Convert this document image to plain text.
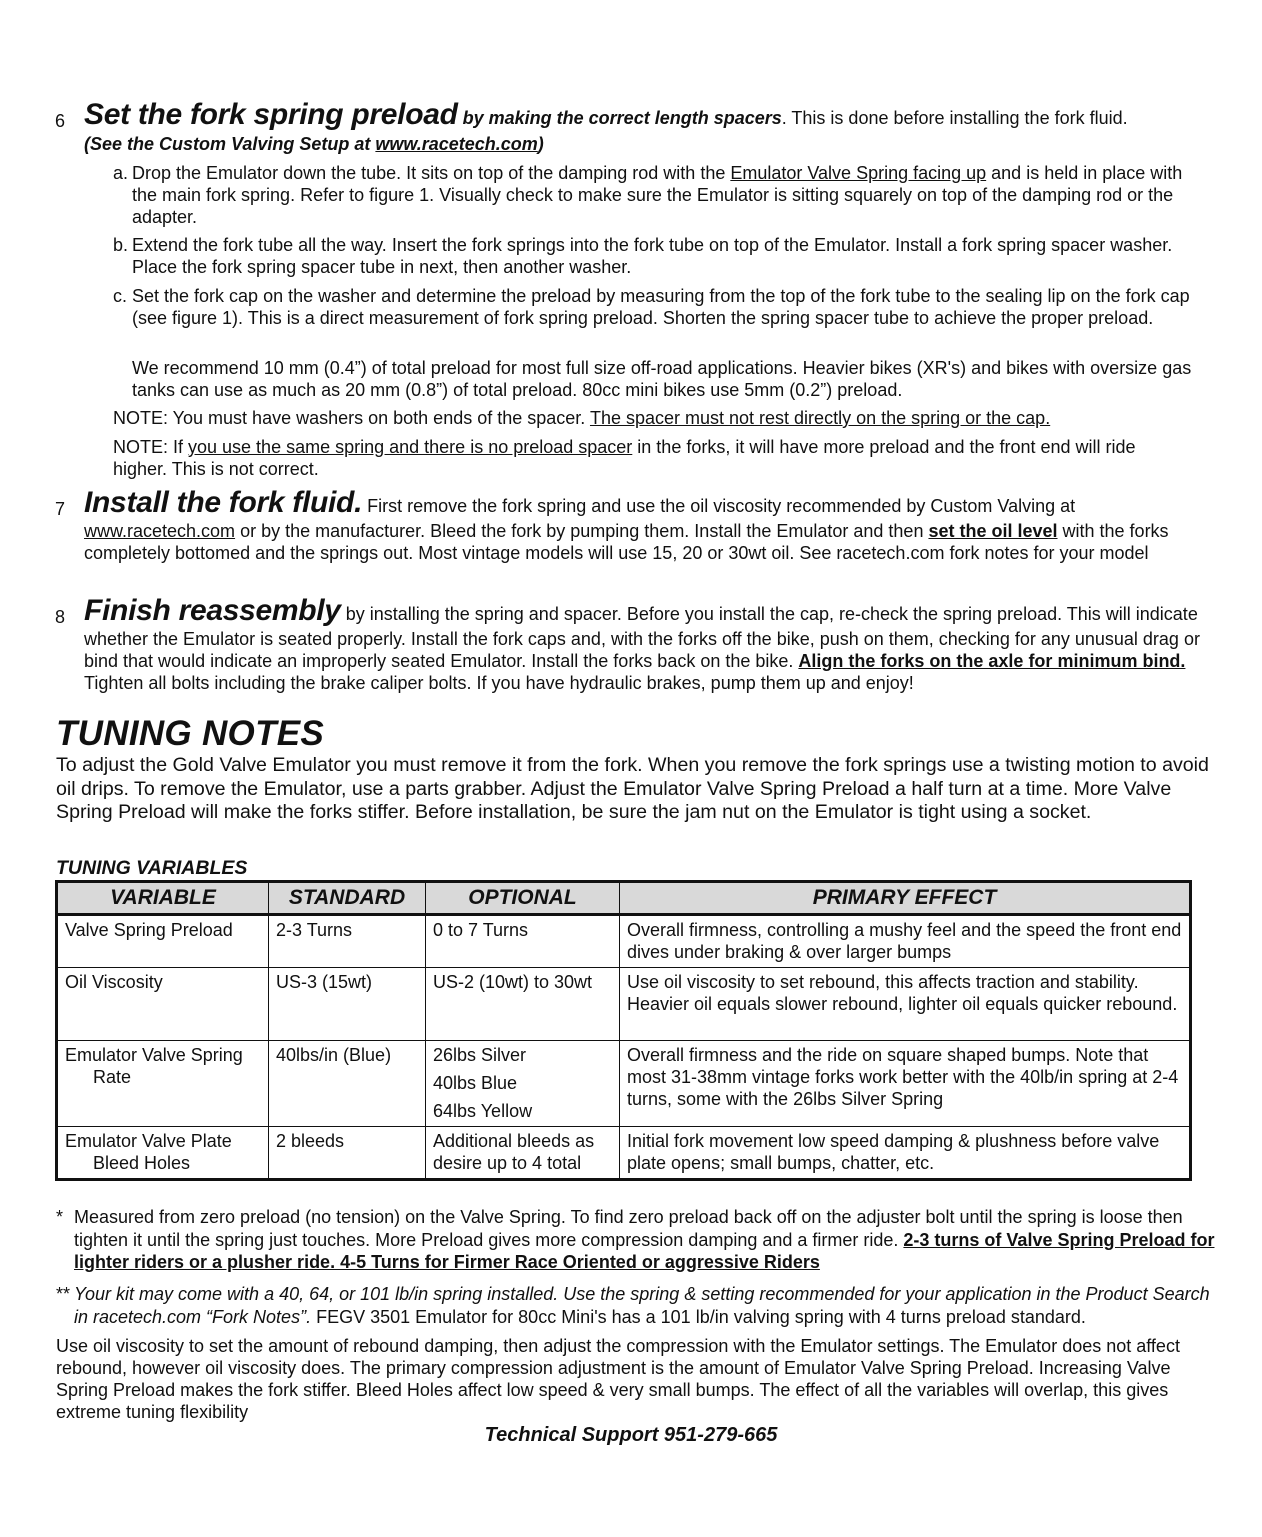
6 Set the fork spring preload by making the correct length spacers. This is done before installing the fork fluid.
(See the Custom Valving Setup at www.racetech.com)
a. Drop the Emulator down the tube. It sits on top of the damping rod with the Emulator Valve Spring facing up and is held in place with the main fork spring. Refer to figure 1. Visually check to make sure the Emulator is sitting squarely on top of the damping rod or the adapter.

b. Extend the fork tube all the way. Insert the fork springs into the fork tube on top of the Emulator. Install a fork spring spacer washer. Place the fork spring spacer tube in next, then another washer.

c. Set the fork cap on the washer and determine the preload by measuring from the top of the fork tube to the sealing lip on the fork cap (see figure 1). This is a direct measurement of fork spring preload. Shorten the spring spacer tube to achieve the proper preload.

We recommend 10 mm (0.4”) of total preload for most full size off-road applications. Heavier bikes (XR's) and bikes with oversize gas tanks can use as much as 20 mm (0.8”) of total preload. 80cc mini bikes use 5mm (0.2”) preload.

NOTE: You must have washers on both ends of the spacer. The spacer must not rest directly on the spring or the cap.

NOTE: If you use the same spring and there is no preload spacer in the forks, it will have more preload and the front end will ride higher. This is not correct.

7 Install the fork fluid. First remove the fork spring and use the oil viscosity recommended by Custom Valving at www.racetech.com or by the manufacturer. Bleed the fork by pumping them. Install the Emulator and then set the oil level with the forks completely bottomed and the springs out. Most vintage models will use 15, 20 or 30wt oil. See racetech.com fork notes for your model

8 Finish reassembly by installing the spring and spacer. Before you install the cap, re-check the spring preload. This will indicate whether the Emulator is seated properly. Install the fork caps and, with the forks off the bike, push on them, checking for any unusual drag or bind that would indicate an improperly seated Emulator. Install the forks back on the bike. Align the forks on the axle for minimum bind. Tighten all bolts including the brake caliper bolts. If you have hydraulic brakes, pump them up and enjoy!

TUNING NOTES

To adjust the Gold Valve Emulator you must remove it from the fork. When you remove the fork springs use a twisting motion to avoid oil drips. To remove the Emulator, use a parts grabber. Adjust the Emulator Valve Spring Preload a half turn at a time. More Valve Spring Preload will make the forks stiffer. Before installation, be sure the jam nut on the Emulator is tight using a socket.

TUNING VARIABLES
VARIABLE	STANDARD	OPTIONAL	PRIMARY EFFECT
Valve Spring Preload	2-3 Turns	0 to 7 Turns	Overall firmness, controlling a mushy feel and the speed the front end dives under braking & over larger bumps
Oil Viscosity	US-3 (15wt)	US-2 (10wt) to 30wt	Use oil viscosity to set rebound, this affects traction and stability. Heavier oil equals slower rebound, lighter oil equals quicker rebound.
Emulator Valve Spring
Rate	40lbs/in (Blue)	26lbs Silver
40lbs Blue
64lbs Yellow	Overall firmness and the ride on square shaped bumps. Note that most 31-38mm vintage forks work better with the 40lb/in spring at 2-4 turns, some with the 26lbs Silver Spring
Emulator Valve Plate
Bleed Holes	2 bleeds	Additional bleeds as desire up to 4 total	Initial fork movement low speed damping & plushness before valve plate opens; small bumps, chatter, etc.
* Measured from zero preload (no tension) on the Valve Spring. To find zero preload back off on the adjuster bolt until the spring is loose then tighten it until the spring just touches. More Preload gives more compression damping and a firmer ride. 2-3 turns of Valve Spring Preload for lighter riders or a plusher ride. 4-5 Turns for Firmer Race Oriented or aggressive Riders

** Your kit may come with a 40, 64, or 101 lb/in spring installed. Use the spring & setting recommended for your application in the Product Search in racetech.com “Fork Notes”. FEGV 3501 Emulator for 80cc Mini's has a 101 lb/in valving spring with 4 turns preload standard.

Use oil viscosity to set the amount of rebound damping, then adjust the compression with the Emulator settings. The Emulator does not affect rebound, however oil viscosity does. The primary compression adjustment is the amount of Emulator Valve Spring Preload. Increasing Valve Spring Preload makes the fork stiffer. Bleed Holes affect low speed & very small bumps. The effect of all the variables will overlap, this gives extreme tuning flexibility

Technical Support 951-279-665
